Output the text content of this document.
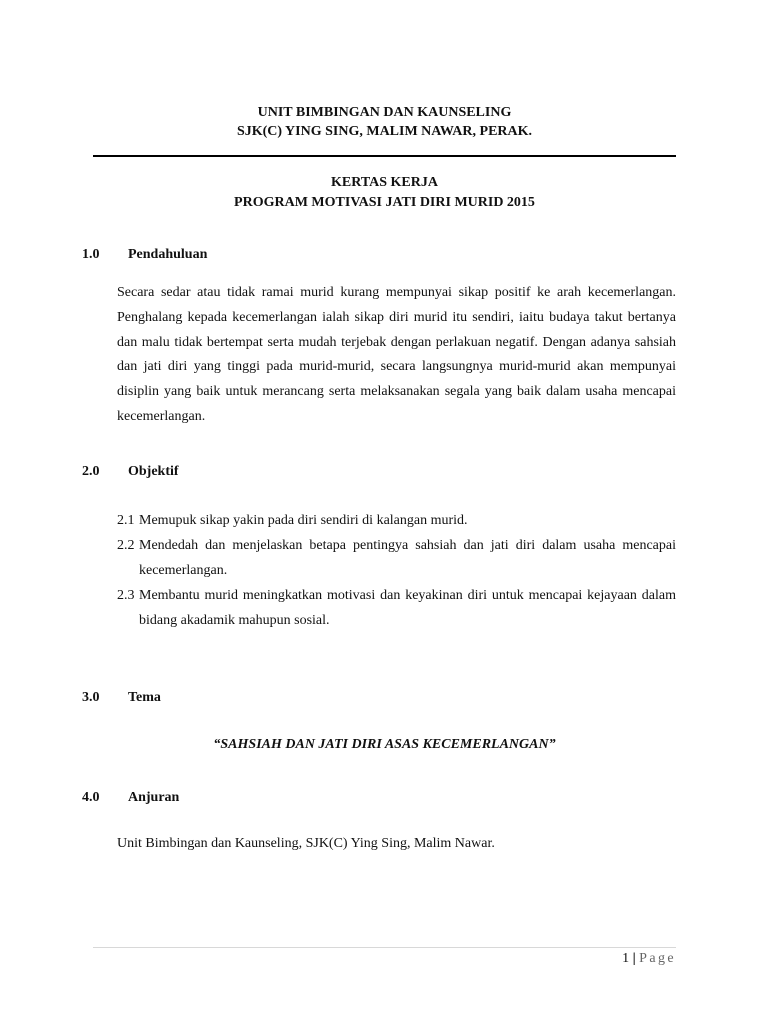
UNIT BIMBINGAN DAN KAUNSELING
SJK(C) YING SING, MALIM NAWAR, PERAK.
KERTAS KERJA
PROGRAM MOTIVASI JATI DIRI MURID 2015
1.0 Pendahuluan
Secara sedar atau tidak ramai murid kurang mempunyai sikap positif ke arah kecemerlangan. Penghalang kepada kecemerlangan ialah sikap diri murid itu sendiri, iaitu budaya takut bertanya dan malu tidak bertempat serta mudah terjebak dengan perlakuan negatif. Dengan adanya sahsiah dan jati diri yang tinggi pada murid-murid, secara langsungnya murid-murid akan mempunyai disiplin yang baik untuk merancang serta melaksanakan segala yang baik dalam usaha mencapai kecemerlangan.
2.0 Objektif
2.1 Memupuk sikap yakin pada diri sendiri di kalangan murid.
2.2 Mendedah dan menjelaskan betapa pentingya sahsiah dan jati diri dalam usaha mencapai kecemerlangan.
2.3 Membantu murid meningkatkan motivasi dan keyakinan diri untuk mencapai kejayaan dalam bidang akadamik mahupun sosial.
3.0 Tema
“SAHSIAH DAN JATI DIRI ASAS KECEMERLANGAN”
4.0 Anjuran
Unit Bimbingan dan Kaunseling, SJK(C) Ying Sing, Malim Nawar.
1 | Page
